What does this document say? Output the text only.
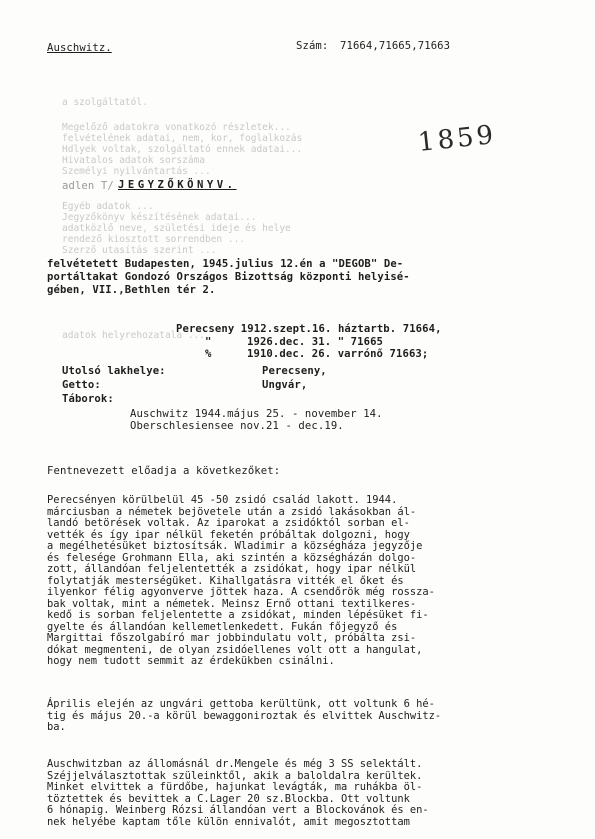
Auschwitz.	Szám: 71664,71665,71663
a szolgáltatól.
Megelőző adatokra vonatkozó részletek...
felvételének adatai, nem, kor, foglalkozás
Hdlyek voltak, szolgáltató ennek adatai...
Hivatalos adatok sorszáma
Személyi nyilvántartás ...
Egyéb adatok ...
Jegyzőkönyv készítésének adatai...
adatközlő neve, születési ideje és helye
rendező kiosztott sorrendben ...
Szerző utasítás szerint ...
adatok helyrehozatala ...
1859
adlen T/ JEGYZŐKÖNYV.
felvétetett Budapesten, 1945.julius 12.én a "DEGOB" De-
portáltakat Gondozó Országos Bizottság központi helyisé-
gében, VII.,Bethlen tér 2.
Perecseny 1912.szept.16. háztartb. 71664,
"	1926.dec. 31. " 71665
%	1910.dec. 26. varrónő 71663;
Utolsó lakhelye:	Perecseny,
Getto:	Ungvár,
Táborok:
Auschwitz 1944.május 25. - november 14.
Oberschlesiensee nov.21 - dec.19.
Fentnevezett előadja a következőket:
Perecsényen körülbelül 45 -50 zsidó család lakott. 1944.
márciusban a németek bejövetele után a zsidó lakásokban ál-
landó betörések voltak. Az iparokat a zsidóktól sorban el-
vették és így ipar nélkül feketén próbáltak dolgozni, hogy
a megélhetésüket biztosítsák. Wladimir a községháza jegyzője
és felesége Grohmann Ella, aki szintén a községházán dolgo-
zott, állandóan feljelentették a zsidókat, hogy ipar nélkül
folytatják mesterségüket. Kihallgatásra vitték el őket és
ilyenkor félig agyonverve jöttek haza. A csendőrök még rossza-
bak voltak, mint a németek. Meinsz Ernő ottani textilkeres-
kedő is sorban feljelentette a zsidókat, minden lépésüket fi-
gyelte és állandóan kellemetlenkedett. Fukán főjegyző és
Margittai főszolgabíró mar jobbindulatu volt, próbálta zsi-
dókat megmenteni, de olyan zsidóellenes volt ott a hangulat,
hogy nem tudott semmit az érdekükben csinálni.
Április elején az ungvári gettoba kerültünk, ott voltunk 6 hé-
tig és május 20.-a körül bewaggoniroztak és elvittek Auschwitz-
ba.
Auschwitzban az állomásnál dr.Mengele és még 3 SS selektált.
Széjjelválasztottak szüleinktől, akik a baloldalra kerültek.
Minket elvittek a fürdőbe, hajunkat levágták, ma ruhákba öl-
töztettek és bevittek a C.Lager 20 sz.Blockba. Ott voltunk
6 hónapig. Weinberg Rózsi állandóan vert a Blockovánok és en-
nek helyébe kaptam tőle külön ennivalót, amit megosztottam
